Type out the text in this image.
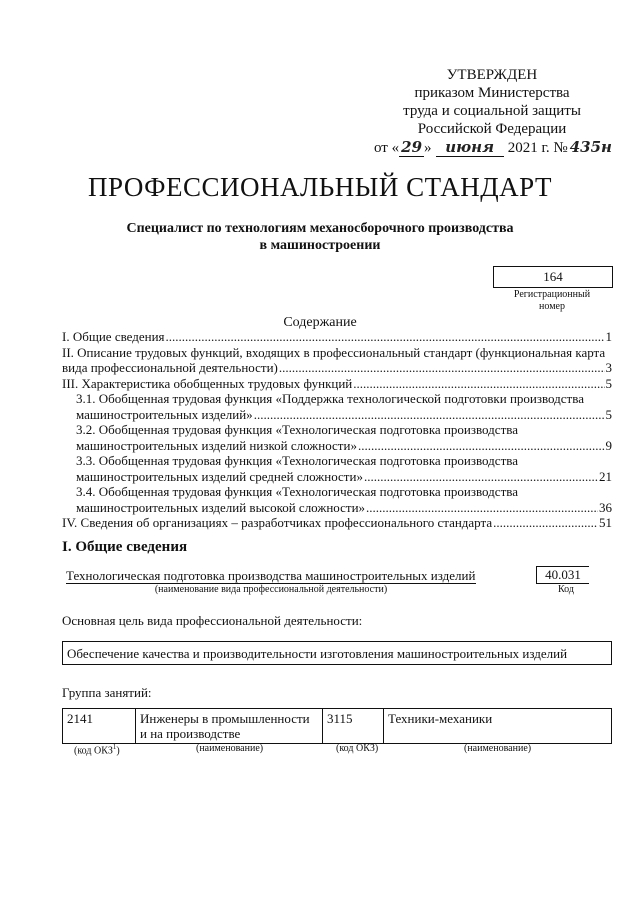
УТВЕРЖДЕН
приказом Министерства
труда и социальной защиты
Российской Федерации
от « 29 » июня 2021 г. № 435н
ПРОФЕССИОНАЛЬНЫЙ СТАНДАРТ
Специалист по технологиям механосборочного производства
в машиностроении
164
Регистрационный
номер
Содержание
I. Общие сведения .....	1
II. Описание трудовых функций, входящих в профессиональный стандарт (функциональная карта
вида профессиональной деятельности) .....	3
III. Характеристика обобщенных трудовых функций .....	5
3.1. Обобщенная трудовая функция «Поддержка технологической подготовки производства
машиностроительных изделий» .....	5
3.2. Обобщенная трудовая функция «Технологическая подготовка производства
машиностроительных изделий низкой сложности» .....	9
3.3. Обобщенная трудовая функция «Технологическая подготовка производства
машиностроительных изделий средней сложности» .....	21
3.4. Обобщенная трудовая функция «Технологическая подготовка производства
машиностроительных изделий высокой сложности» .....	36
IV. Сведения об организациях – разработчиках профессионального стандарта .....	51
I. Общие сведения
Технологическая подготовка производства машиностроительных изделий
(наименование вида профессиональной деятельности)
40.031
Код
Основная цель вида профессиональной деятельности:
Обеспечение качества и производительности изготовления машиностроительных изделий
Группа занятий:
2141	Инженеры в промышленности и на производстве	3115	Техники-механики
(код ОКЗ$^1$)	(наименование)	(код ОКЗ)	(наименование)
